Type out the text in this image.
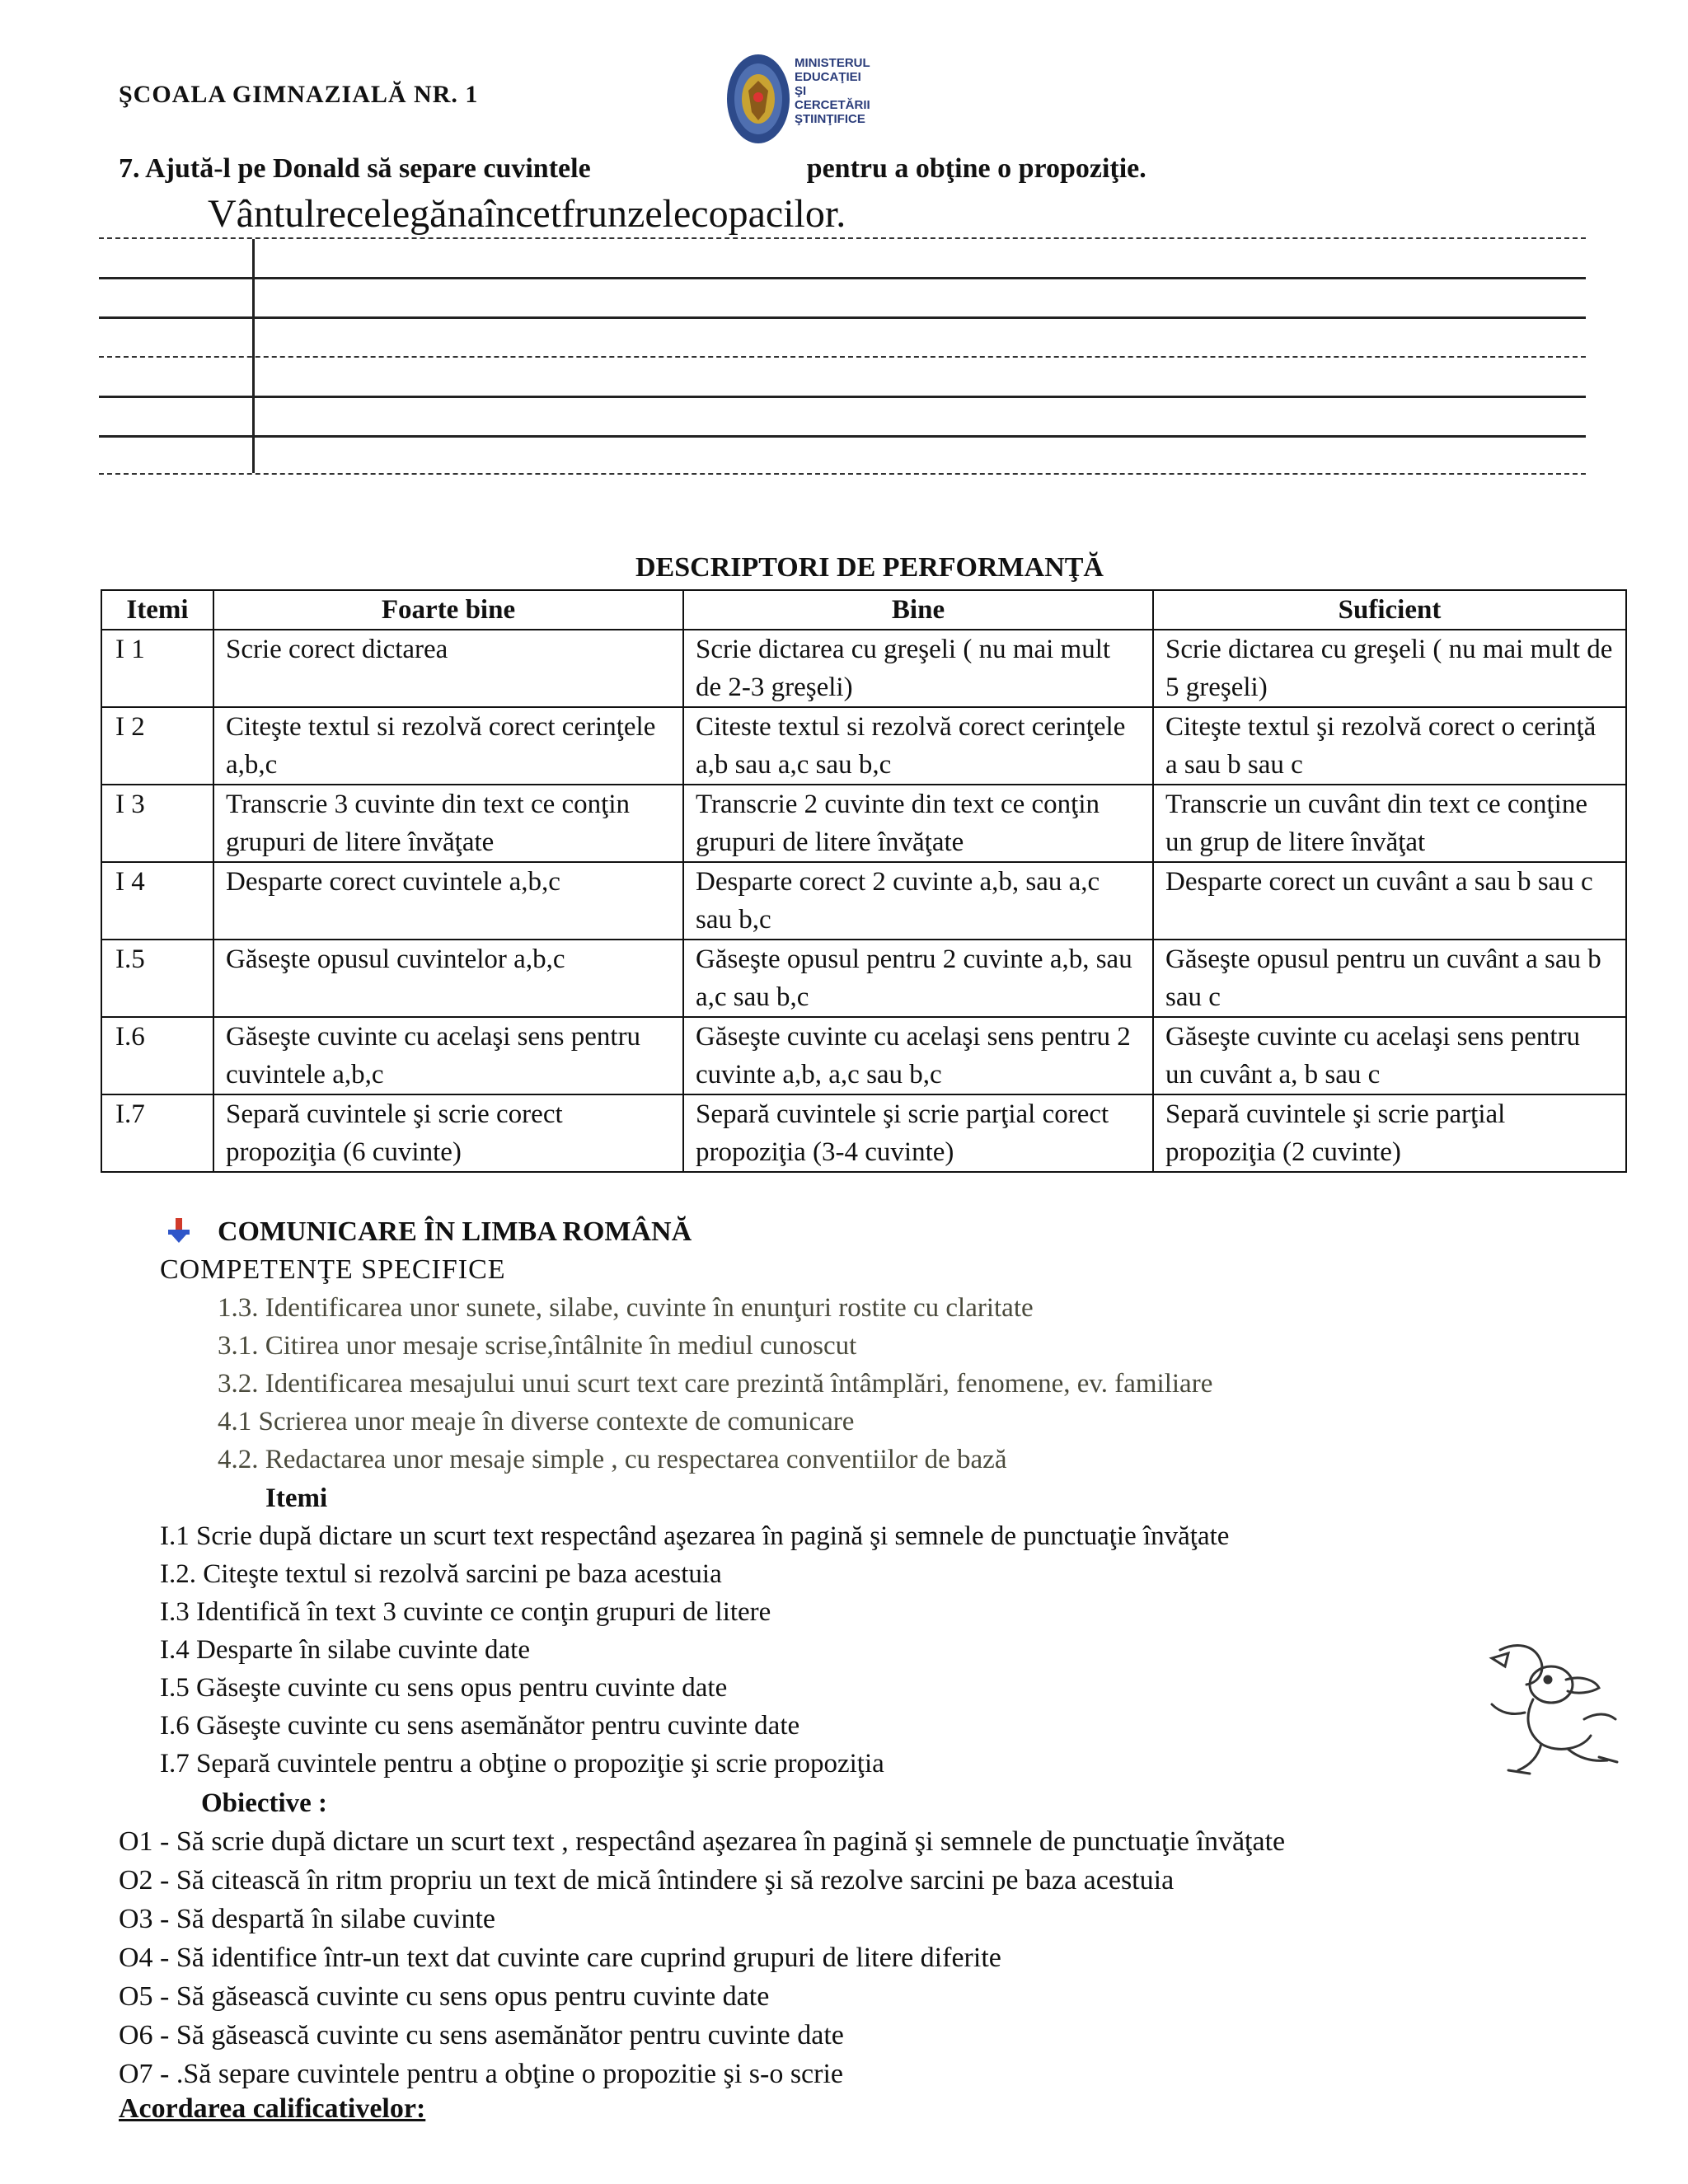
ŞCOALA GIMNAZIALĂ NR. 1
MINISTERUL
EDUCAŢIEI ŞI
CERCETĂRII
ŞTIINŢIFICE
7. Ajută-l pe Donald să separe cuvintele	pentru a obţine o propoziţie.
Vântulrecelegănaîncetfrunzelecopacilor.
DESCRIPTORI DE PERFORMANŢĂ
Itemi	Foarte bine	Bine	Suficient
I 1	Scrie corect dictarea	Scrie dictarea cu greşeli ( nu mai mult de 2-3 greşeli)	Scrie dictarea cu greşeli ( nu mai mult de 5 greşeli)
I 2	Citeşte textul si rezolvă corect cerinţele a,b,c	Citeste textul si rezolvă corect cerinţele a,b sau a,c sau b,c	Citeşte textul şi rezolvă corect o cerinţă a sau b sau c
I 3	Transcrie 3 cuvinte din text ce conţin grupuri de litere învăţate	Transcrie 2 cuvinte din text ce conţin grupuri de litere învăţate	Transcrie un cuvânt din text ce conţine un grup de litere învăţat
I 4	Desparte corect cuvintele a,b,c	Desparte corect 2 cuvinte a,b, sau a,c sau b,c	Desparte corect un cuvânt a sau b sau c
I.5	Găseşte opusul cuvintelor a,b,c	Găseşte opusul pentru 2 cuvinte a,b, sau a,c sau b,c	Găseşte opusul pentru un cuvânt a sau b sau c
I.6	Găseşte cuvinte cu acelaşi sens pentru cuvintele a,b,c	Găseşte cuvinte cu acelaşi sens pentru 2 cuvinte a,b, a,c sau b,c	Găseşte cuvinte cu acelaşi sens pentru un cuvânt a, b sau c
I.7	Separă cuvintele şi scrie corect propoziţia (6 cuvinte)	Separă cuvintele şi scrie parţial corect propoziţia (3-4 cuvinte)	Separă cuvintele şi scrie parţial propoziţia (2 cuvinte)
COMUNICARE ÎN LIMBA ROMÂNĂ
COMPETENŢE SPECIFICE
1.3. Identificarea unor sunete, silabe, cuvinte în enunţuri rostite cu claritate
3.1. Citirea unor mesaje scrise,întâlnite în mediul cunoscut
3.2. Identificarea mesajului unui scurt text care prezintă întâmplări, fenomene, ev. familiare
4.1 Scrierea unor meaje în diverse contexte de comunicare
4.2. Redactarea unor mesaje simple , cu respectarea conventiilor de bază
Itemi
I.1 Scrie după dictare un scurt text respectând aşezarea în pagină şi semnele de punctuaţie învăţate
I.2. Citeşte textul si rezolvă sarcini pe baza acestuia
I.3 Identifică în text 3 cuvinte ce conţin grupuri de litere
I.4 Desparte în silabe cuvinte date
I.5 Găseşte cuvinte cu sens opus pentru cuvinte date
I.6 Găseşte cuvinte cu sens asemănător pentru cuvinte date
I.7 Separă cuvintele pentru a obţine o propoziţie şi scrie propoziţia
Obiective :
O1 - Să scrie după dictare un scurt text , respectând aşezarea în pagină şi semnele de punctuaţie învăţate
O2 - Să citească în ritm propriu un text de mică întindere şi să rezolve sarcini pe baza acestuia
O3 - Să despartă în silabe cuvinte
O4 - Să identifice într-un text dat cuvinte care cuprind grupuri de litere diferite
O5 - Să găsească cuvinte cu sens opus pentru cuvinte date
O6 - Să găsească cuvinte cu sens asemănător pentru cuvinte date
O7 - .Să separe cuvintele pentru a obţine o propozitie şi s-o scrie
Acordarea calificativelor:
